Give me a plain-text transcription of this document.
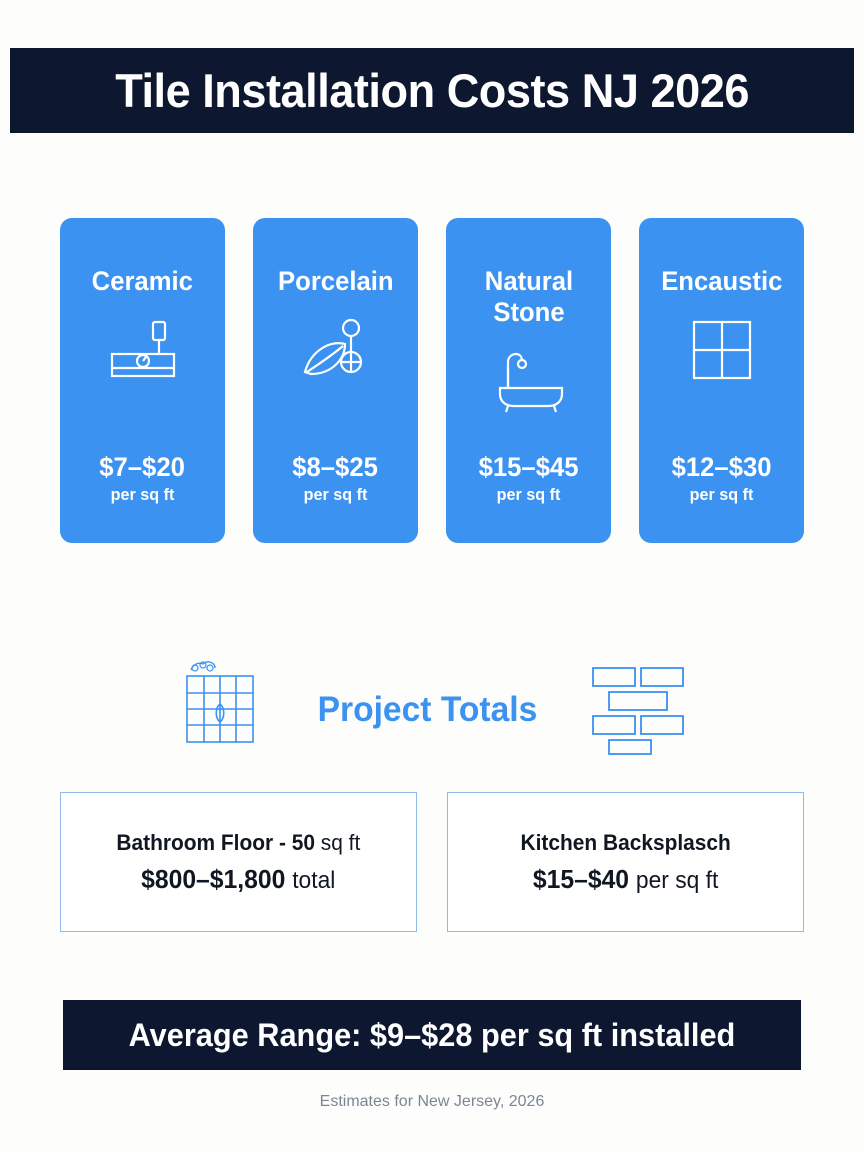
Tile Installation Costs NJ 2026
Ceramic
$7–$20
per sq ft
Porcelain
$8–$25
per sq ft
Natural Stone
$15–$45
per sq ft
Encaustic
$12–$30
per sq ft
Project Totals
Bathroom Floor - 50 sq ft
$800–$1,800 total
Kitchen Backsplasch
$15–$40 per sq ft
Average Range: $9–$28 per sq ft installed
Estimates for New Jersey, 2026
